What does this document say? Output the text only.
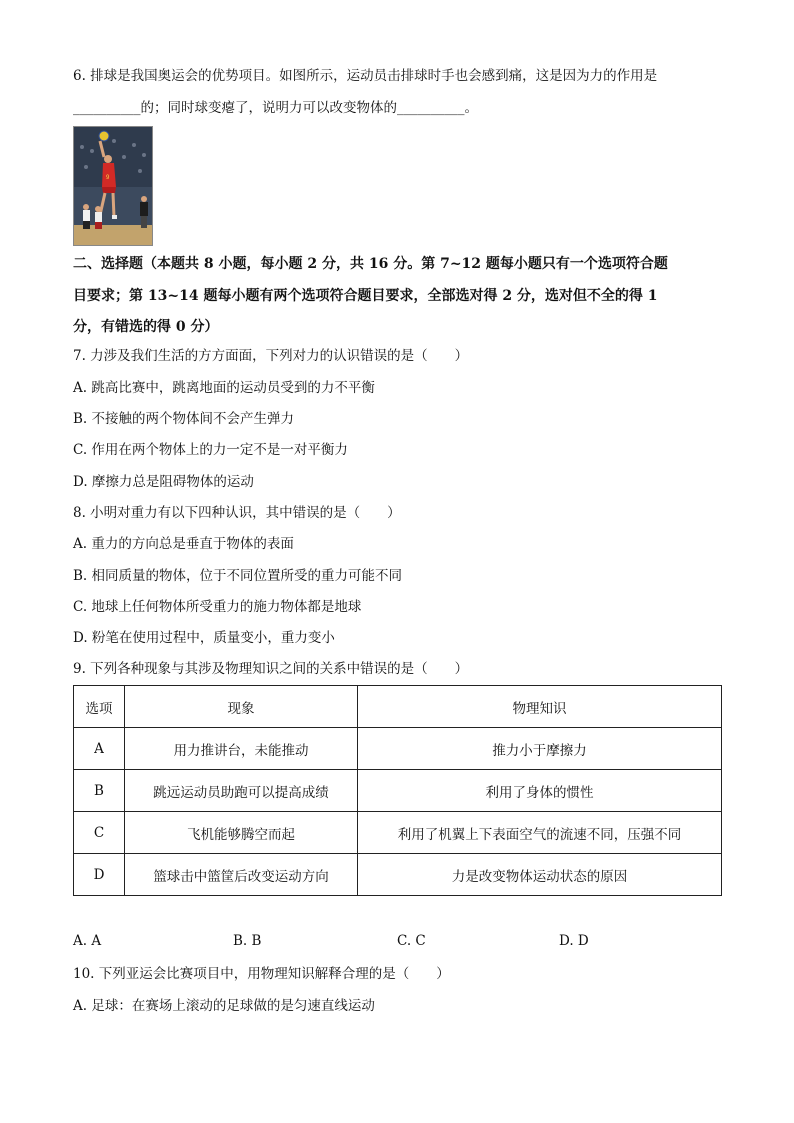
6. 排球是我国奥运会的优势项目。如图所示，运动员击排球时手也会感到痛，这是因为力的作用是
__________的；同时球变瘪了，说明力可以改变物体的__________。
9
二、选择题（本题共 8 小题，每小题 2 分，共 16 分。第 7~12 题每小题只有一个选项符合题
目要求；第 13~14 题每小题有两个选项符合题目要求，全部选对得 2 分，选对但不全的得 1
分，有错选的得 0 分）
7. 力涉及我们生活的方方面面，下列对力的认识错误的是（　　）
A. 跳高比赛中，跳离地面的运动员受到的力不平衡
B. 不接触的两个物体间不会产生弹力
C. 作用在两个物体上的力一定不是一对平衡力
D. 摩擦力总是阻碍物体的运动
8. 小明对重力有以下四种认识，其中错误的是（　　）
A. 重力的方向总是垂直于物体的表面
B. 相同质量的物体，位于不同位置所受的重力可能不同
C. 地球上任何物体所受重力的施力物体都是地球
D. 粉笔在使用过程中，质量变小，重力变小
9. 下列各种现象与其涉及物理知识之间的关系中错误的是（　　）
选项	现象	物理知识
A	用力推讲台，未能推动	推力小于摩擦力
B	跳远运动员助跑可以提高成绩	利用了身体的惯性
C	飞机能够腾空而起	利用了机翼上下表面空气的流速不同，压强不同
D	篮球击中篮筐后改变运动方向	力是改变物体运动状态的原因
A. A	B. B	C. C	D. D
10. 下列亚运会比赛项目中，用物理知识解释合理的是（　　）
A. 足球：在赛场上滚动的足球做的是匀速直线运动
